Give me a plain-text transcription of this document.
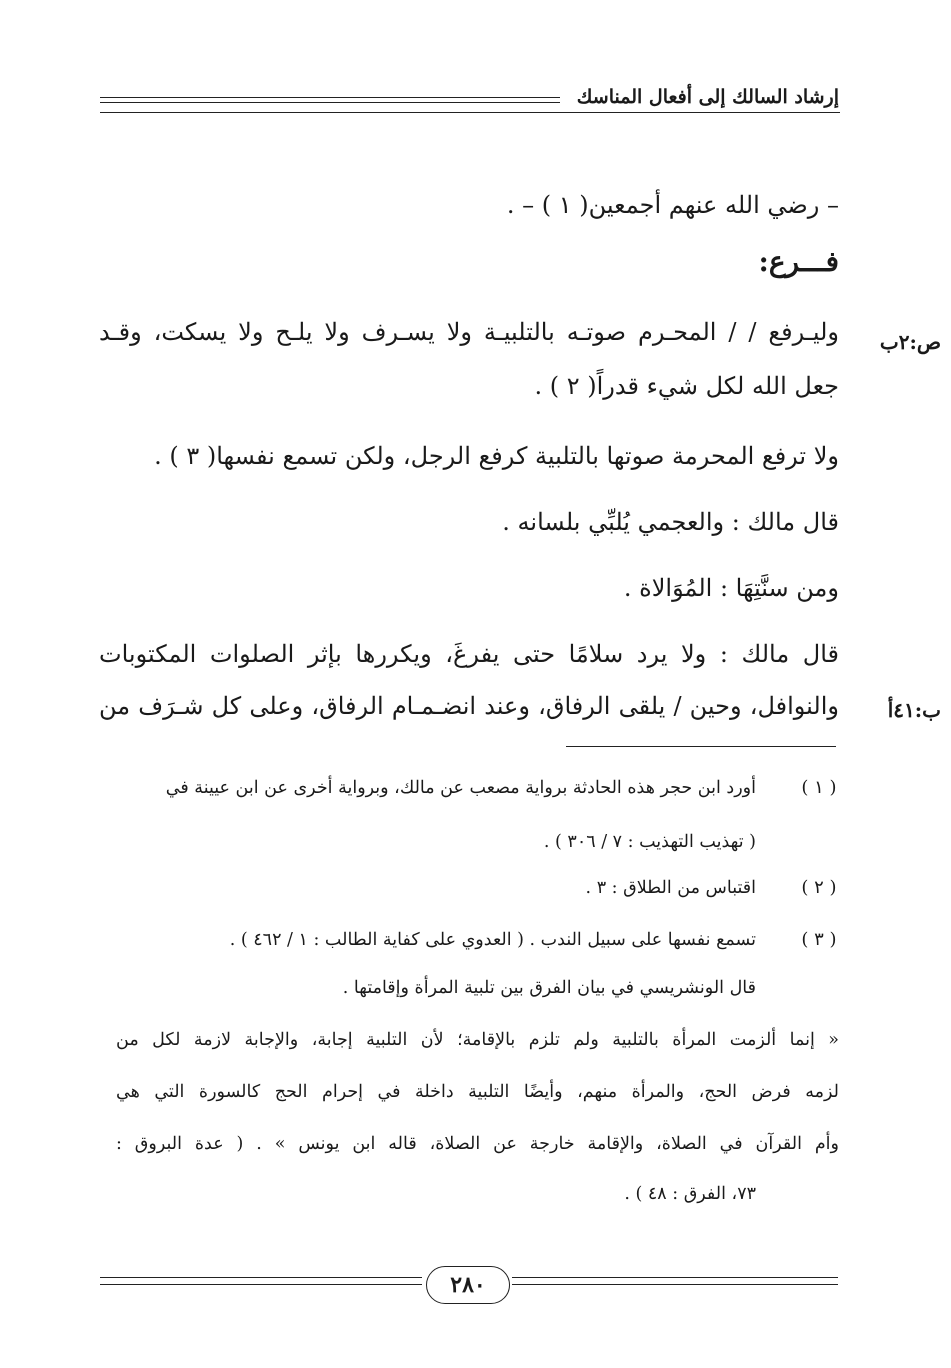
إرشاد السالك إلى أفعال المناسك
– رضي الله عنهم أجمعين( ١ ) – .
فـــرع:
ص:٢ب
وليـرفع / / المحـرم صوتـه بالتلبيـة ولا يسـرف ولا يلـح ولا يسكت، وقـد
جعل الله لكل شيء قدراً( ٢ ) .
ولا ترفع المحرمة صوتها بالتلبية كرفع الرجل، ولكن تسمع نفسها( ٣ ) .
قال مالك : والعجمي يُلبِّي بلسانه .
ومن سنَّتِهَا : المُوَالاة .
قال مالك : ولا يرد سلامًا حتى يفرغَ، ويكررها بإثر الصلوات المكتوبات
ب:٤١أ
والنوافل، وحين / يلقى الرفاق، وعند انضـمـام الرفاق، وعلى كل شـرَف من
( ١ )
أورد ابن حجر هذه الحادثة برواية مصعب عن مالك، وبرواية أخرى عن ابن عيينة في
( تهذيب التهذيب : ٧ / ٣٠٦ ) .
( ٢ )
اقتباس من الطلاق : ٣ .
( ٣ )
تسمع نفسها على سبيل الندب . ( العدوي على كفاية الطالب : ١ / ٤٦٢ ) .
قال الونشريسي في بيان الفرق بين تلبية المرأة وإقامتها .
« إنما ألزمت المرأة بالتلبية ولم تلزم بالإقامة؛ لأن التلبية إجابة، والإجابة لازمة لكل من
لزمه فرض الحج، والمرأة منهم، وأيضًا التلبية داخلة في إحرام الحج كالسورة التي هي
وأم القرآن في الصلاة، والإقامة خارجة عن الصلاة، قاله ابن يونس » . ( عدة البروق :
٧٣، الفرق : ٤٨ ) .
٢٨٠
